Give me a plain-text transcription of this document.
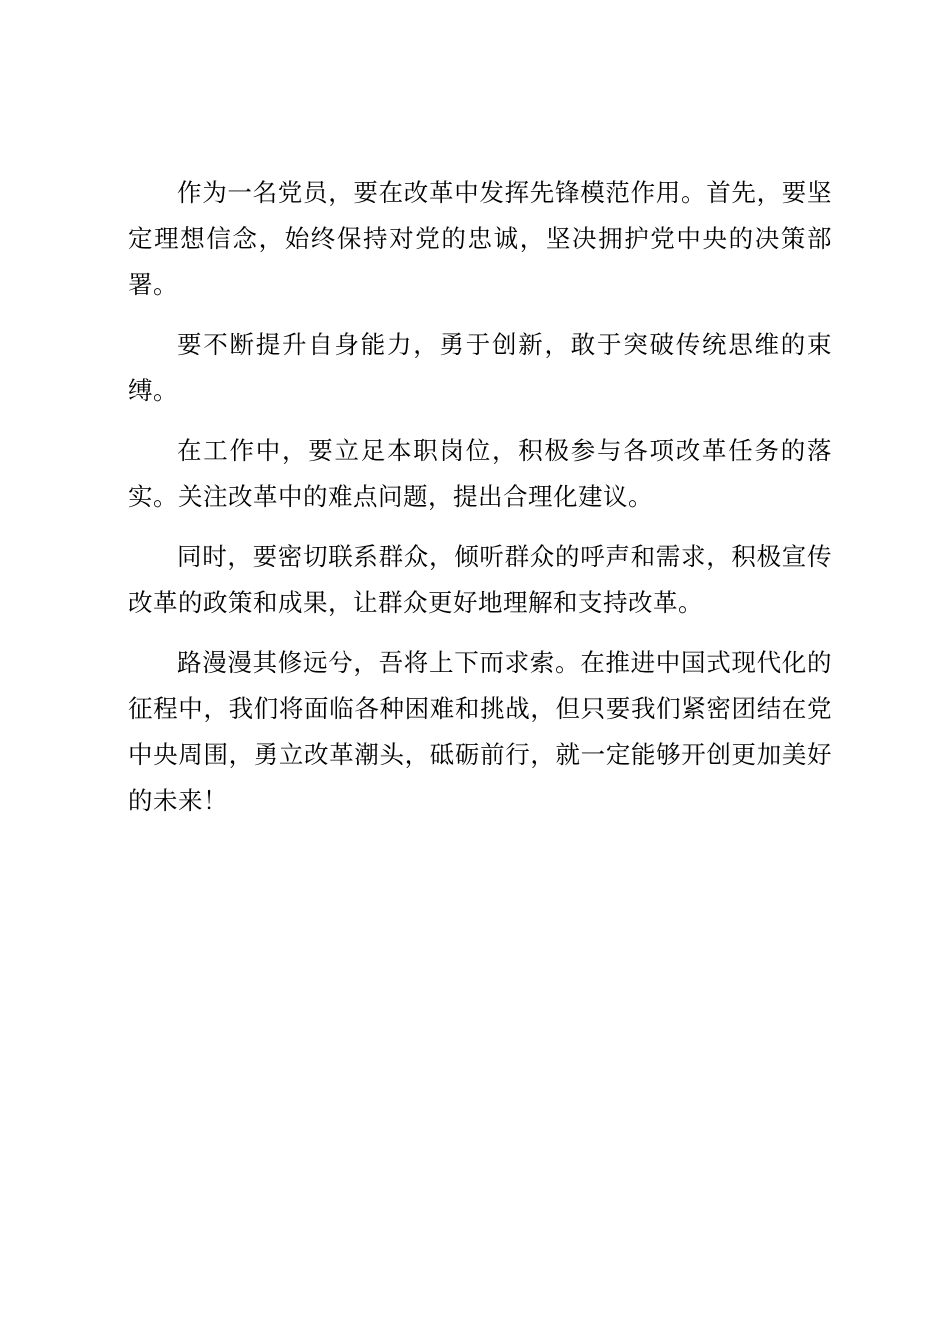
作为一名党员，要在改革中发挥先锋模范作用。首先，要坚定理想信念，始终保持对党的忠诚，坚决拥护党中央的决策部署。

要不断提升自身能力，勇于创新，敢于突破传统思维的束缚。

在工作中，要立足本职岗位，积极参与各项改革任务的落实。关注改革中的难点问题，提出合理化建议。

同时，要密切联系群众，倾听群众的呼声和需求，积极宣传改革的政策和成果，让群众更好地理解和支持改革。

路漫漫其修远兮，吾将上下而求索。在推进中国式现代化的征程中，我们将面临各种困难和挑战，但只要我们紧密团结在党中央周围，勇立改革潮头，砥砺前行，就一定能够开创更加美好的未来！
